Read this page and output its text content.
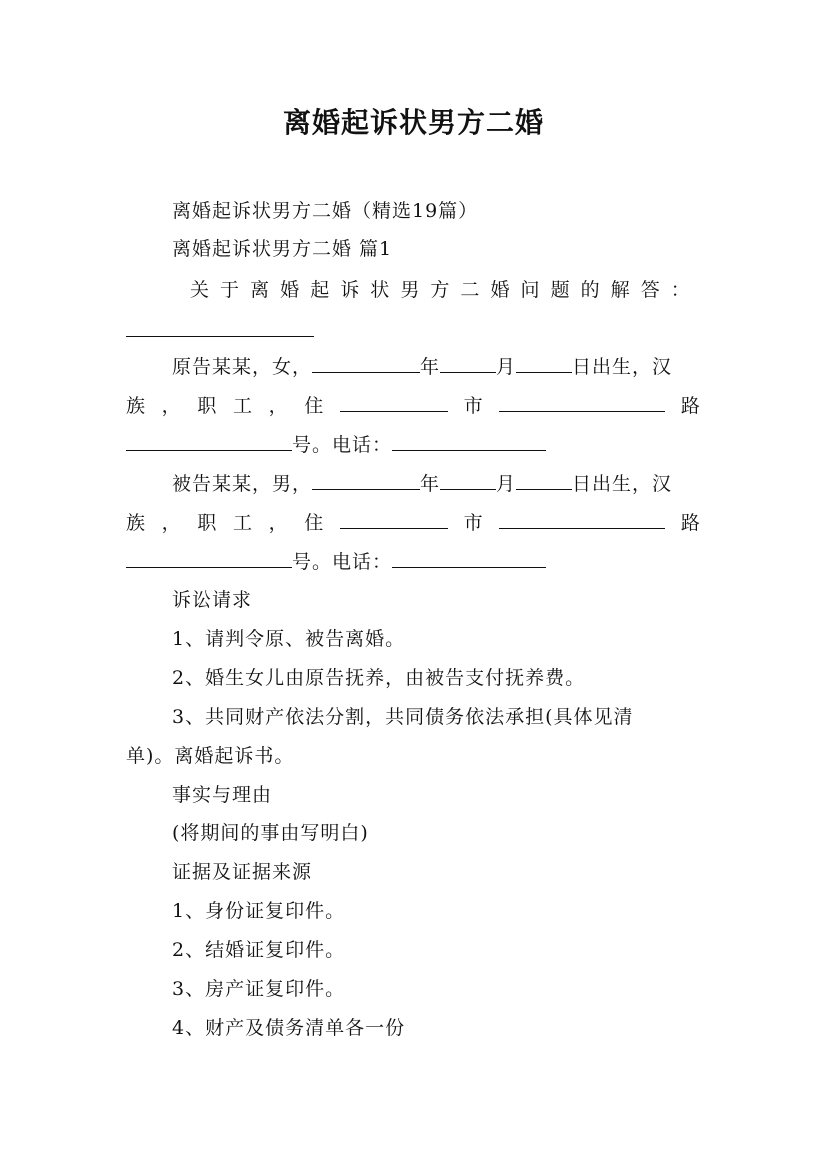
离婚起诉状男方二婚
离婚起诉状男方二婚（精选19篇）
离婚起诉状男方二婚 篇1
关 于 离 婚 起 诉 状 男 方 二 婚 问 题 的 解 答 ：
原告某某，女，	年	月	日出生，汉
族 ， 职 工 ， 住	市	路
号。电话：
被告某某，男，	年	月	日出生，汉
族 ， 职 工 ， 住	市	路
号。电话：
诉讼请求
1、请判令原、被告离婚。
2、婚生女儿由原告抚养，由被告支付抚养费。
3、共同财产依法分割，共同债务依法承担(具体见清
单)。离婚起诉书。
事实与理由
(将期间的事由写明白)
证据及证据来源
1、身份证复印件。
2、结婚证复印件。
3、房产证复印件。
4、财产及债务清单各一份
